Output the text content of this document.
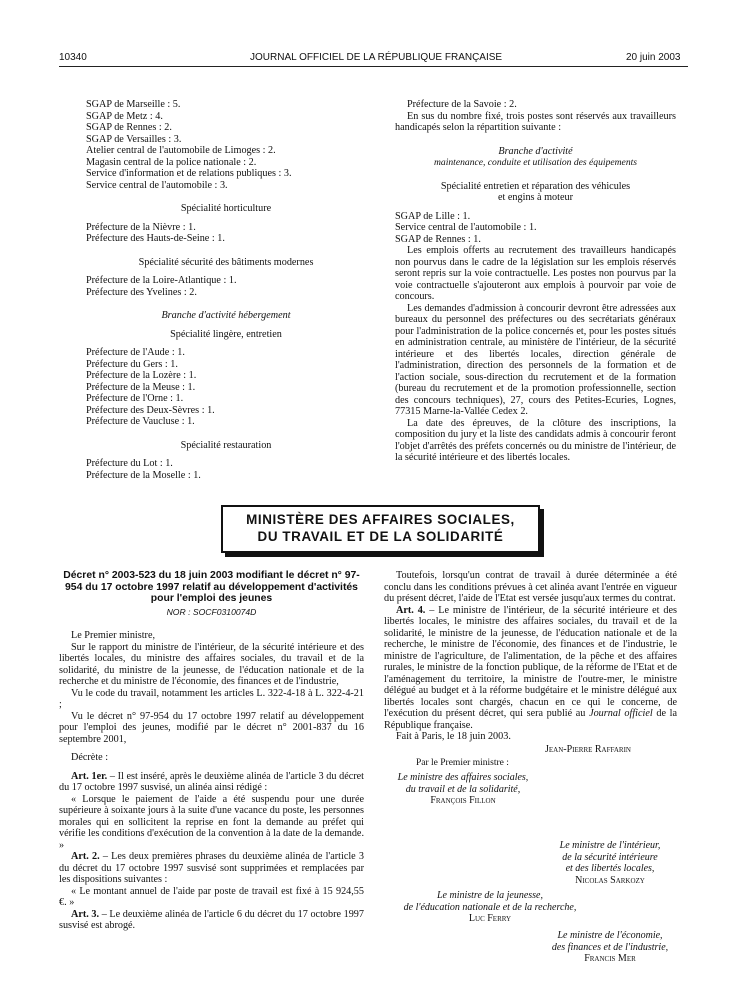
10340	JOURNAL OFFICIEL DE LA RÉPUBLIQUE FRANÇAISE	20 juin 2003

SGAP de Marseille : 5.

SGAP de Metz : 4.

SGAP de Rennes : 2.

SGAP de Versailles : 3.

Atelier central de l'automobile de Limoges : 2.

Magasin central de la police nationale : 2.

Service d'information et de relations publiques : 3.

Service central de l'automobile : 3.

Spécialité horticulture

Préfecture de la Nièvre : 1.

Préfecture des Hauts-de-Seine : 1.

Spécialité sécurité des bâtiments modernes

Préfecture de la Loire-Atlantique : 1.

Préfecture des Yvelines : 2.

Branche d'activité hébergement

Spécialité lingère, entretien

Préfecture de l'Aude : 1.

Préfecture du Gers : 1.

Préfecture de la Lozère : 1.

Préfecture de la Meuse : 1.

Préfecture de l'Orne : 1.

Préfecture des Deux-Sèvres : 1.

Préfecture de Vaucluse : 1.

Spécialité restauration

Préfecture du Lot : 1.

Préfecture de la Moselle : 1.

Préfecture de la Savoie : 2.

En sus du nombre fixé, trois postes sont réservés aux travailleurs handicapés selon la répartition suivante :

Branche d'activité

maintenance, conduite et utilisation des équipements

Spécialité entretien et réparation des véhicules

et engins à moteur

SGAP de Lille : 1.

Service central de l'automobile : 1.

SGAP de Rennes : 1.

Les emplois offerts au recrutement des travailleurs handicapés non pourvus dans le cadre de la législation sur les emplois réservés seront repris sur la voie contractuelle. Les postes non pourvus par la voie contractuelle s'ajouteront aux emplois à pourvoir par voie de concours.

Les demandes d'admission à concourir devront être adressées aux bureaux du personnel des préfectures ou des secrétariats généraux pour l'administration de la police concernés et, pour les postes situés en administration centrale, au ministère de l'intérieur, de la sécurité intérieure et des libertés locales, direction générale de l'administration, direction des personnels de la formation et de l'action sociale, sous-direction du recrutement et de la formation (bureau du recrutement et de la promotion professionnelle, section des concours techniques), 27, cours des Petites-Ecuries, Lognes, 77315 Marne-la-Vallée Cedex 2.

La date des épreuves, de la clôture des inscriptions, la composition du jury et la liste des candidats admis à concourir feront l'objet d'arrêtés des préfets concernés ou du ministre de l'intérieur, de la sécurité intérieure et des libertés locales.

MINISTÈRE DES AFFAIRES SOCIALES,
DU TRAVAIL ET DE LA SOLIDARITÉ

Décret n° 2003-523 du 18 juin 2003 modifiant le décret n° 97-954 du 17 octobre 1997 relatif au développement d'activités pour l'emploi des jeunes

NOR : SOCF0310074D

Le Premier ministre,

Sur le rapport du ministre de l'intérieur, de la sécurité intérieure et des libertés locales, du ministre des affaires sociales, du travail et de la solidarité, du ministre de la jeunesse, de l'éducation nationale et de la recherche et du ministre de l'économie, des finances et de l'industrie,

Vu le code du travail, notamment les articles L. 322-4-18 à L. 322-4-21 ;

Vu le décret n° 97-954 du 17 octobre 1997 relatif au développement pour l'emploi des jeunes, modifié par le décret n° 2001-837 du 16 septembre 2001,

Décrète :

Art. 1er. – Il est inséré, après le deuxième alinéa de l'article 3 du décret du 17 octobre 1997 susvisé, un alinéa ainsi rédigé :

« Lorsque le paiement de l'aide a été suspendu pour une durée supérieure à soixante jours à la suite d'une vacance du poste, les personnes morales qui en sollicitent la reprise en font la demande au préfet qui vérifie les conditions d'exécution de la convention à la date de la demande. »

Art. 2. – Les deux premières phrases du deuxième alinéa de l'article 3 du décret du 17 octobre 1997 susvisé sont supprimées et remplacées par les dispositions suivantes :

« Le montant annuel de l'aide par poste de travail est fixé à 15 924,55 €. »

Art. 3. – Le deuxième alinéa de l'article 6 du décret du 17 octobre 1997 susvisé est abrogé.

Toutefois, lorsqu'un contrat de travail à durée déterminée a été conclu dans les conditions prévues à cet alinéa avant l'entrée en vigueur du présent décret, l'aide de l'Etat est versée jusqu'aux termes du contrat.

Art. 4. – Le ministre de l'intérieur, de la sécurité intérieure et des libertés locales, le ministre des affaires sociales, du travail et de la solidarité, le ministre de la jeunesse, de l'éducation nationale et de la recherche, le ministre de l'économie, des finances et de l'industrie, le ministre de l'agriculture, de l'alimentation, de la pêche et des affaires rurales, le ministre de la fonction publique, de la réforme de l'Etat et de l'aménagement du territoire, la ministre de l'outre-mer, le ministre délégué au budget et à la réforme budgétaire et le ministre délégué aux libertés locales sont chargés, chacun en ce qui le concerne, de l'exécution du présent décret, qui sera publié au Journal officiel de la République française.

Fait à Paris, le 18 juin 2003.

Jean-Pierre Raffarin
Par le Premier ministre :
Le ministre des affaires sociales,
du travail et de la solidarité,
François Fillon
Le ministre de l'intérieur,
de la sécurité intérieure
et des libertés locales,
Nicolas Sarkozy
Le ministre de la jeunesse,
de l'éducation nationale et de la recherche,
Luc Ferry
Le ministre de l'économie,
des finances et de l'industrie,
Francis Mer
